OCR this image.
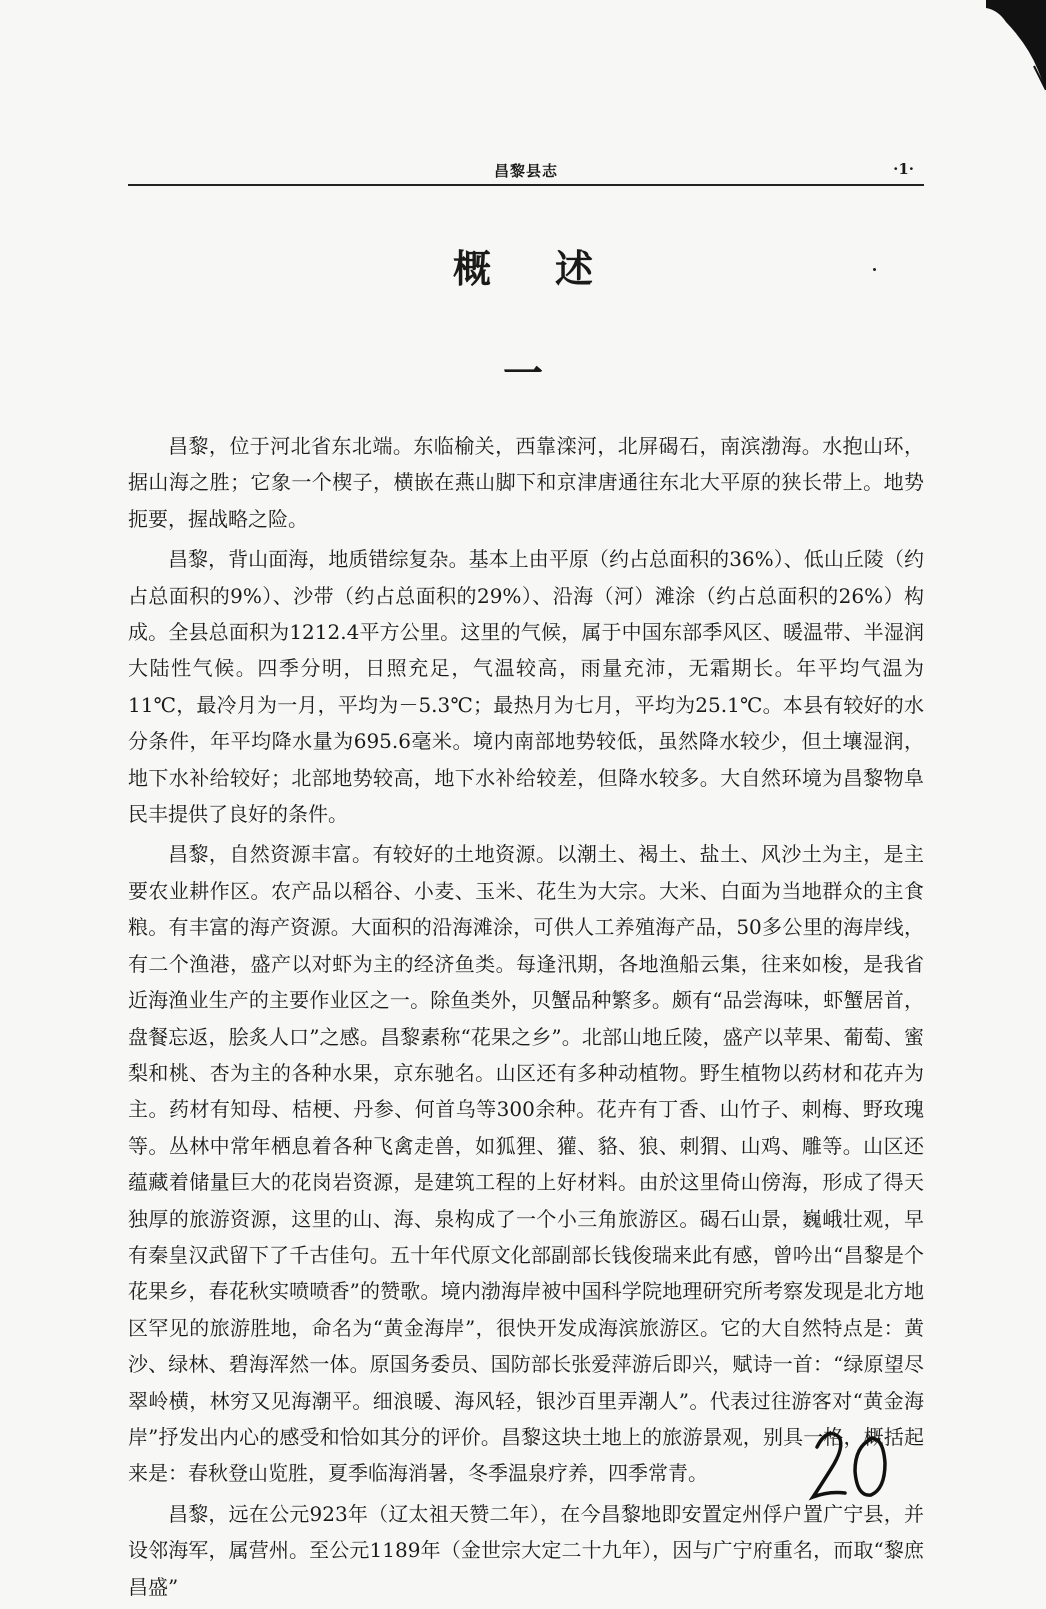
昌黎县志	·1·
概述
一

昌黎，位于河北省东北端。东临榆关，西靠滦河，北屏碣石，南滨渤海。水抱山环，据山海之胜；它象一个楔子，横嵌在燕山脚下和京津唐通往东北大平原的狭长带上。地势扼要，握战略之险。

昌黎，背山面海，地质错综复杂。基本上由平原（约占总面积的36%）、低山丘陵（约占总面积的9%）、沙带（约占总面积的29%）、沿海（河）滩涂（约占总面积的26%）构成。全县总面积为1212.4平方公里。这里的气候，属于中国东部季风区、暖温带、半湿润大陆性气候。四季分明，日照充足，气温较高，雨量充沛，无霜期长。年平均气温为11℃，最冷月为一月，平均为－5.3℃；最热月为七月，平均为25.1℃。本县有较好的水分条件，年平均降水量为695.6毫米。境内南部地势较低，虽然降水较少，但土壤湿润，地下水补给较好；北部地势较高，地下水补给较差，但降水较多。大自然环境为昌黎物阜民丰提供了良好的条件。

昌黎，自然资源丰富。有较好的土地资源。以潮土、褐土、盐土、风沙土为主，是主要农业耕作区。农产品以稻谷、小麦、玉米、花生为大宗。大米、白面为当地群众的主食粮。有丰富的海产资源。大面积的沿海滩涂，可供人工养殖海产品，50多公里的海岸线，有二个渔港，盛产以对虾为主的经济鱼类。每逢汛期，各地渔船云集，往来如梭，是我省近海渔业生产的主要作业区之一。除鱼类外，贝蟹品种繁多。颇有“品尝海味，虾蟹居首，盘餐忘返，脍炙人口”之感。昌黎素称“花果之乡”。北部山地丘陵，盛产以苹果、葡萄、蜜梨和桃、杏为主的各种水果，京东驰名。山区还有多种动植物。野生植物以药材和花卉为主。药材有知母、桔梗、丹参、何首乌等300余种。花卉有丁香、山竹子、刺梅、野玫瑰等。丛林中常年栖息着各种飞禽走兽，如狐狸、獾、貉、狼、刺猬、山鸡、雕等。山区还蕴藏着储量巨大的花岗岩资源，是建筑工程的上好材料。由於这里倚山傍海，形成了得天独厚的旅游资源，这里的山、海、泉构成了一个小三角旅游区。碣石山景，巍峨壮观，早有秦皇汉武留下了千古佳句。五十年代原文化部副部长钱俊瑞来此有感，曾吟出“昌黎是个花果乡，春花秋实喷喷香”的赞歌。境内渤海岸被中国科学院地理研究所考察发现是北方地区罕见的旅游胜地，命名为“黄金海岸”，很快开发成海滨旅游区。它的大自然特点是：黄沙、绿林、碧海浑然一体。原国务委员、国防部长张爱萍游后即兴，赋诗一首：“绿原望尽翠岭横，林穷又见海潮平。细浪暖、海风轻，银沙百里弄潮人”。代表过往游客对“黄金海岸”抒发出内心的感受和恰如其分的评价。昌黎这块土地上的旅游景观，别具一格，概括起来是：春秋登山览胜，夏季临海消暑，冬季温泉疗养，四季常青。

昌黎，远在公元923年（辽太祖天赞二年），在今昌黎地即安置定州俘户置广宁县，并设邻海军，属营州。至公元1189年（金世宗大定二十九年），因与广宁府重名，而取“黎庶昌盛”
